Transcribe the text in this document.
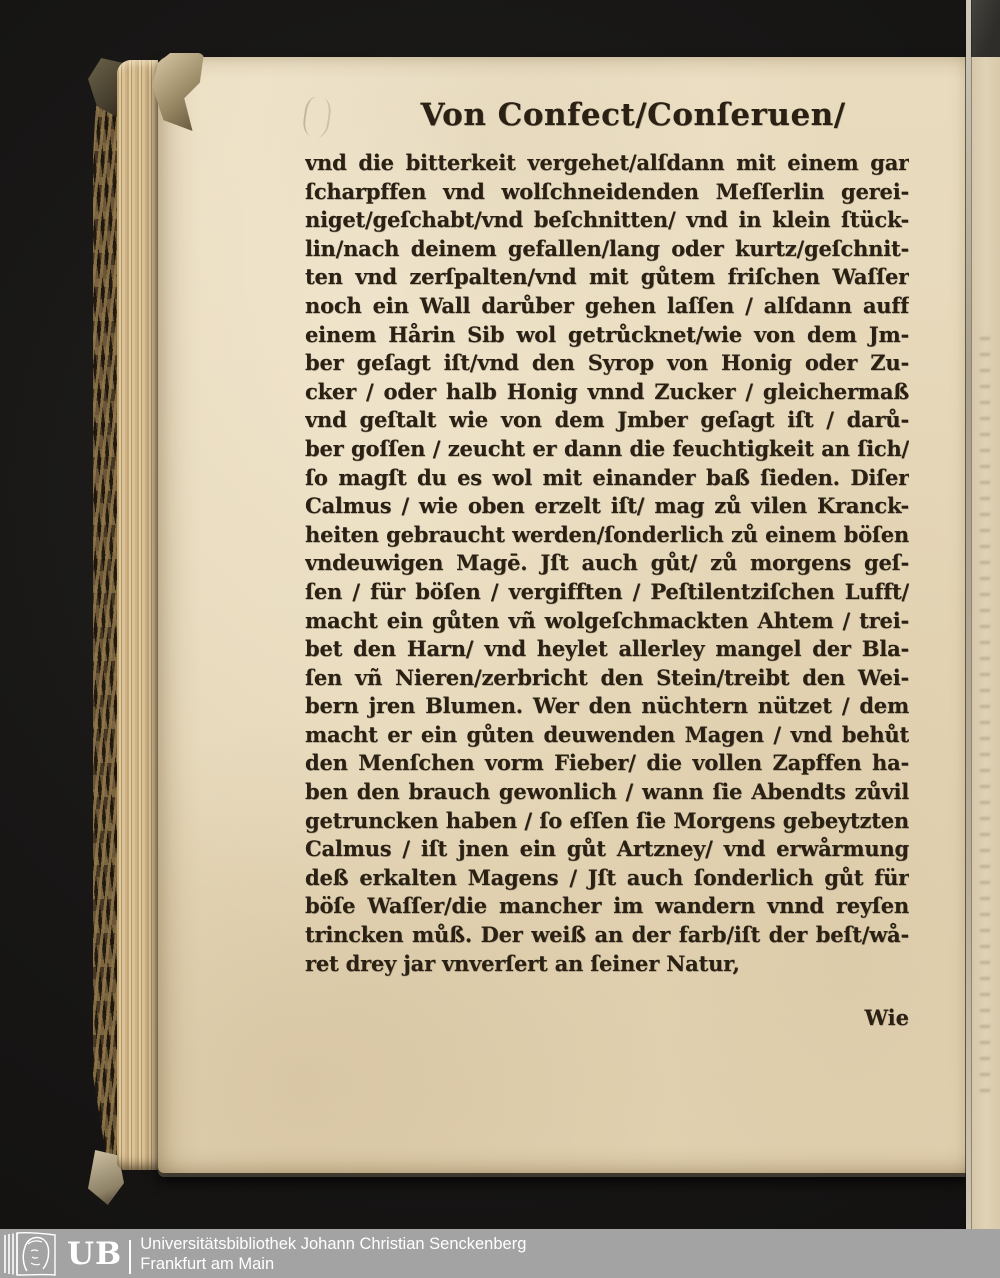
Von Confect/Conſeruen/
vnd die bitterkeit vergehet/alſdann mit einem gar
ſcharpffen vnd wolſchneidenden Meſſerlin gerei-
niget/geſchabt/vnd beſchnitten/ vnd in klein ſtück-
lin/nach deinem gefallen/lang oder kurtz/geſchnit-
ten vnd zerſpalten/vnd mit gůtem friſchen Waſſer
noch ein Wall darůber gehen laſſen / alſdann auff
einem Hårin Sib wol getrůcknet/wie von dem Jm-
ber geſagt iſt/vnd den Syrop von Honig oder Zu-
cker / oder halb Honig vnnd Zucker / gleichermaß
vnd geſtalt wie von dem Jmber geſagt iſt / darů-
ber goſſen / zeucht er dann die feuchtigkeit an ſich/
ſo magſt du es wol mit einander baß ſieden. Diſer
Calmus / wie oben erzelt iſt/ mag zů vilen Kranck-
heiten gebraucht werden/ſonderlich zů einem böſen
vndeuwigen Magē. Jſt auch gůt/ zů morgens geſ-
ſen / für böſen / vergifften / Peſtilentziſchen Lufft/
macht ein gůten vñ wolgeſchmackten Ahtem / trei-
bet den Harn/ vnd heylet allerley mangel der Bla-
ſen vñ Nieren/zerbricht den Stein/treibt den Wei-
bern jren Blumen. Wer den nüchtern nützet / dem
macht er ein gůten deuwenden Magen / vnd behůt
den Menſchen vorm Fieber/ die vollen Zapffen ha-
ben den brauch gewonlich / wann ſie Abendts zůvil
getruncken haben / ſo eſſen ſie Morgens gebeytzten
Calmus / iſt jnen ein gůt Artzney/ vnd erwårmung
deß erkalten Magens / Jſt auch ſonderlich gůt für
böſe Waſſer/die mancher im wandern vnnd reyſen
trincken můß. Der weiß an der farb/iſt der beſt/wå-
ret drey jar vnverſert an ſeiner Natur,
Wie
UB Universitätsbibliothek Johann Christian Senckenberg
Frankfurt am Main
